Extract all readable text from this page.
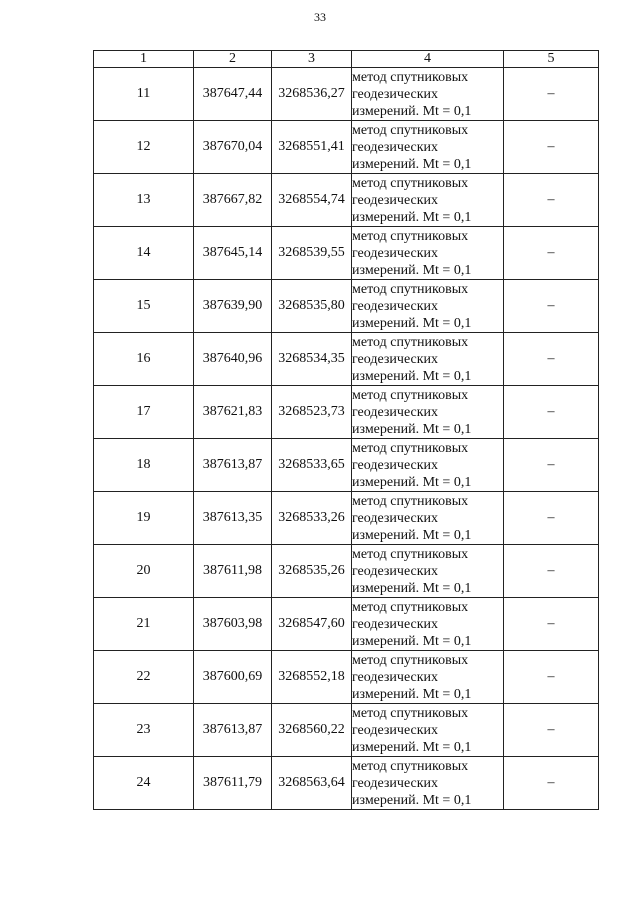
33
1	2	3	4	5
11	387647,44	3268536,27	метод спутниковых
геодезических
измерений. Mt = 0,1	–
12	387670,04	3268551,41	метод спутниковых
геодезических
измерений. Mt = 0,1	–
13	387667,82	3268554,74	метод спутниковых
геодезических
измерений. Mt = 0,1	–
14	387645,14	3268539,55	метод спутниковых
геодезических
измерений. Mt = 0,1	–
15	387639,90	3268535,80	метод спутниковых
геодезических
измерений. Mt = 0,1	–
16	387640,96	3268534,35	метод спутниковых
геодезических
измерений. Mt = 0,1	–
17	387621,83	3268523,73	метод спутниковых
геодезических
измерений. Mt = 0,1	–
18	387613,87	3268533,65	метод спутниковых
геодезических
измерений. Mt = 0,1	–
19	387613,35	3268533,26	метод спутниковых
геодезических
измерений. Mt = 0,1	–
20	387611,98	3268535,26	метод спутниковых
геодезических
измерений. Mt = 0,1	–
21	387603,98	3268547,60	метод спутниковых
геодезических
измерений. Mt = 0,1	–
22	387600,69	3268552,18	метод спутниковых
геодезических
измерений. Mt = 0,1	–
23	387613,87	3268560,22	метод спутниковых
геодезических
измерений. Mt = 0,1	–
24	387611,79	3268563,64	метод спутниковых
геодезических
измерений. Mt = 0,1	–
